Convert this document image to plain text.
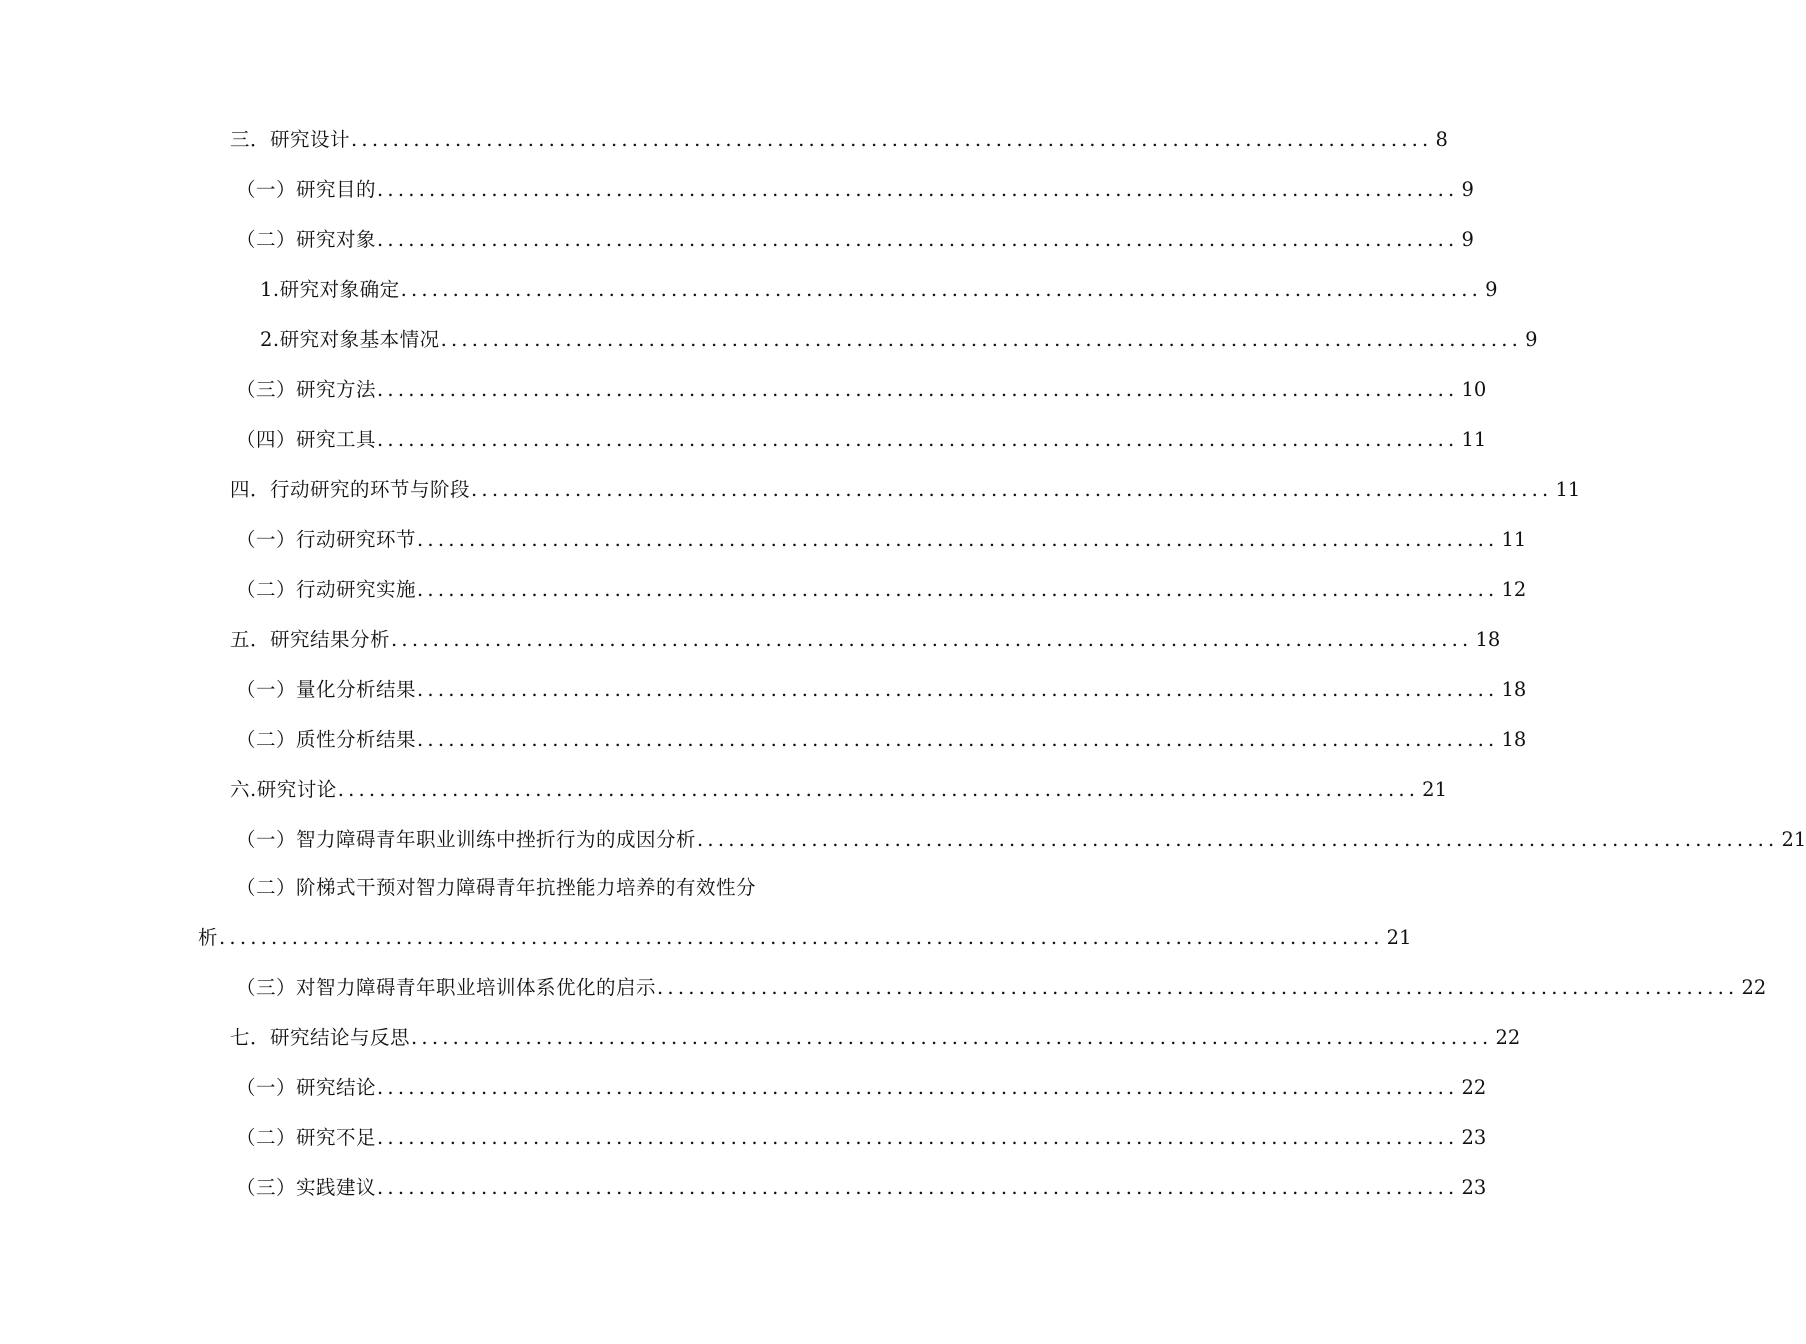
三．研究设计 ........................................................................................................ 8
（一）研究目的 ........................................................................................................ 9
（二）研究对象 ........................................................................................................ 9
1.研究对象确定 ........................................................................................................ 9
2.研究对象基本情况 ........................................................................................................ 9
（三）研究方法 ........................................................................................................ 10
（四）研究工具 ........................................................................................................ 11
四．行动研究的环节与阶段 ........................................................................................................ 11
（一）行动研究环节 ........................................................................................................ 11
（二）行动研究实施 ........................................................................................................ 12
五．研究结果分析 ........................................................................................................ 18
（一）量化分析结果 ........................................................................................................ 18
（二）质性分析结果 ........................................................................................................ 18
六.研究讨论 ........................................................................................................ 21
（一）智力障碍青年职业训练中挫折行为的成因分析 ........................................................................................................ 21
（二）阶梯式干预对智力障碍青年抗挫能力培养的有效性分
析 ................................................................................................................ 21
（三）对智力障碍青年职业培训体系优化的启示 ........................................................................................................ 22
七．研究结论与反思 ........................................................................................................ 22
（一）研究结论 ........................................................................................................ 22
（二）研究不足 ........................................................................................................ 23
（三）实践建议 ........................................................................................................ 23
